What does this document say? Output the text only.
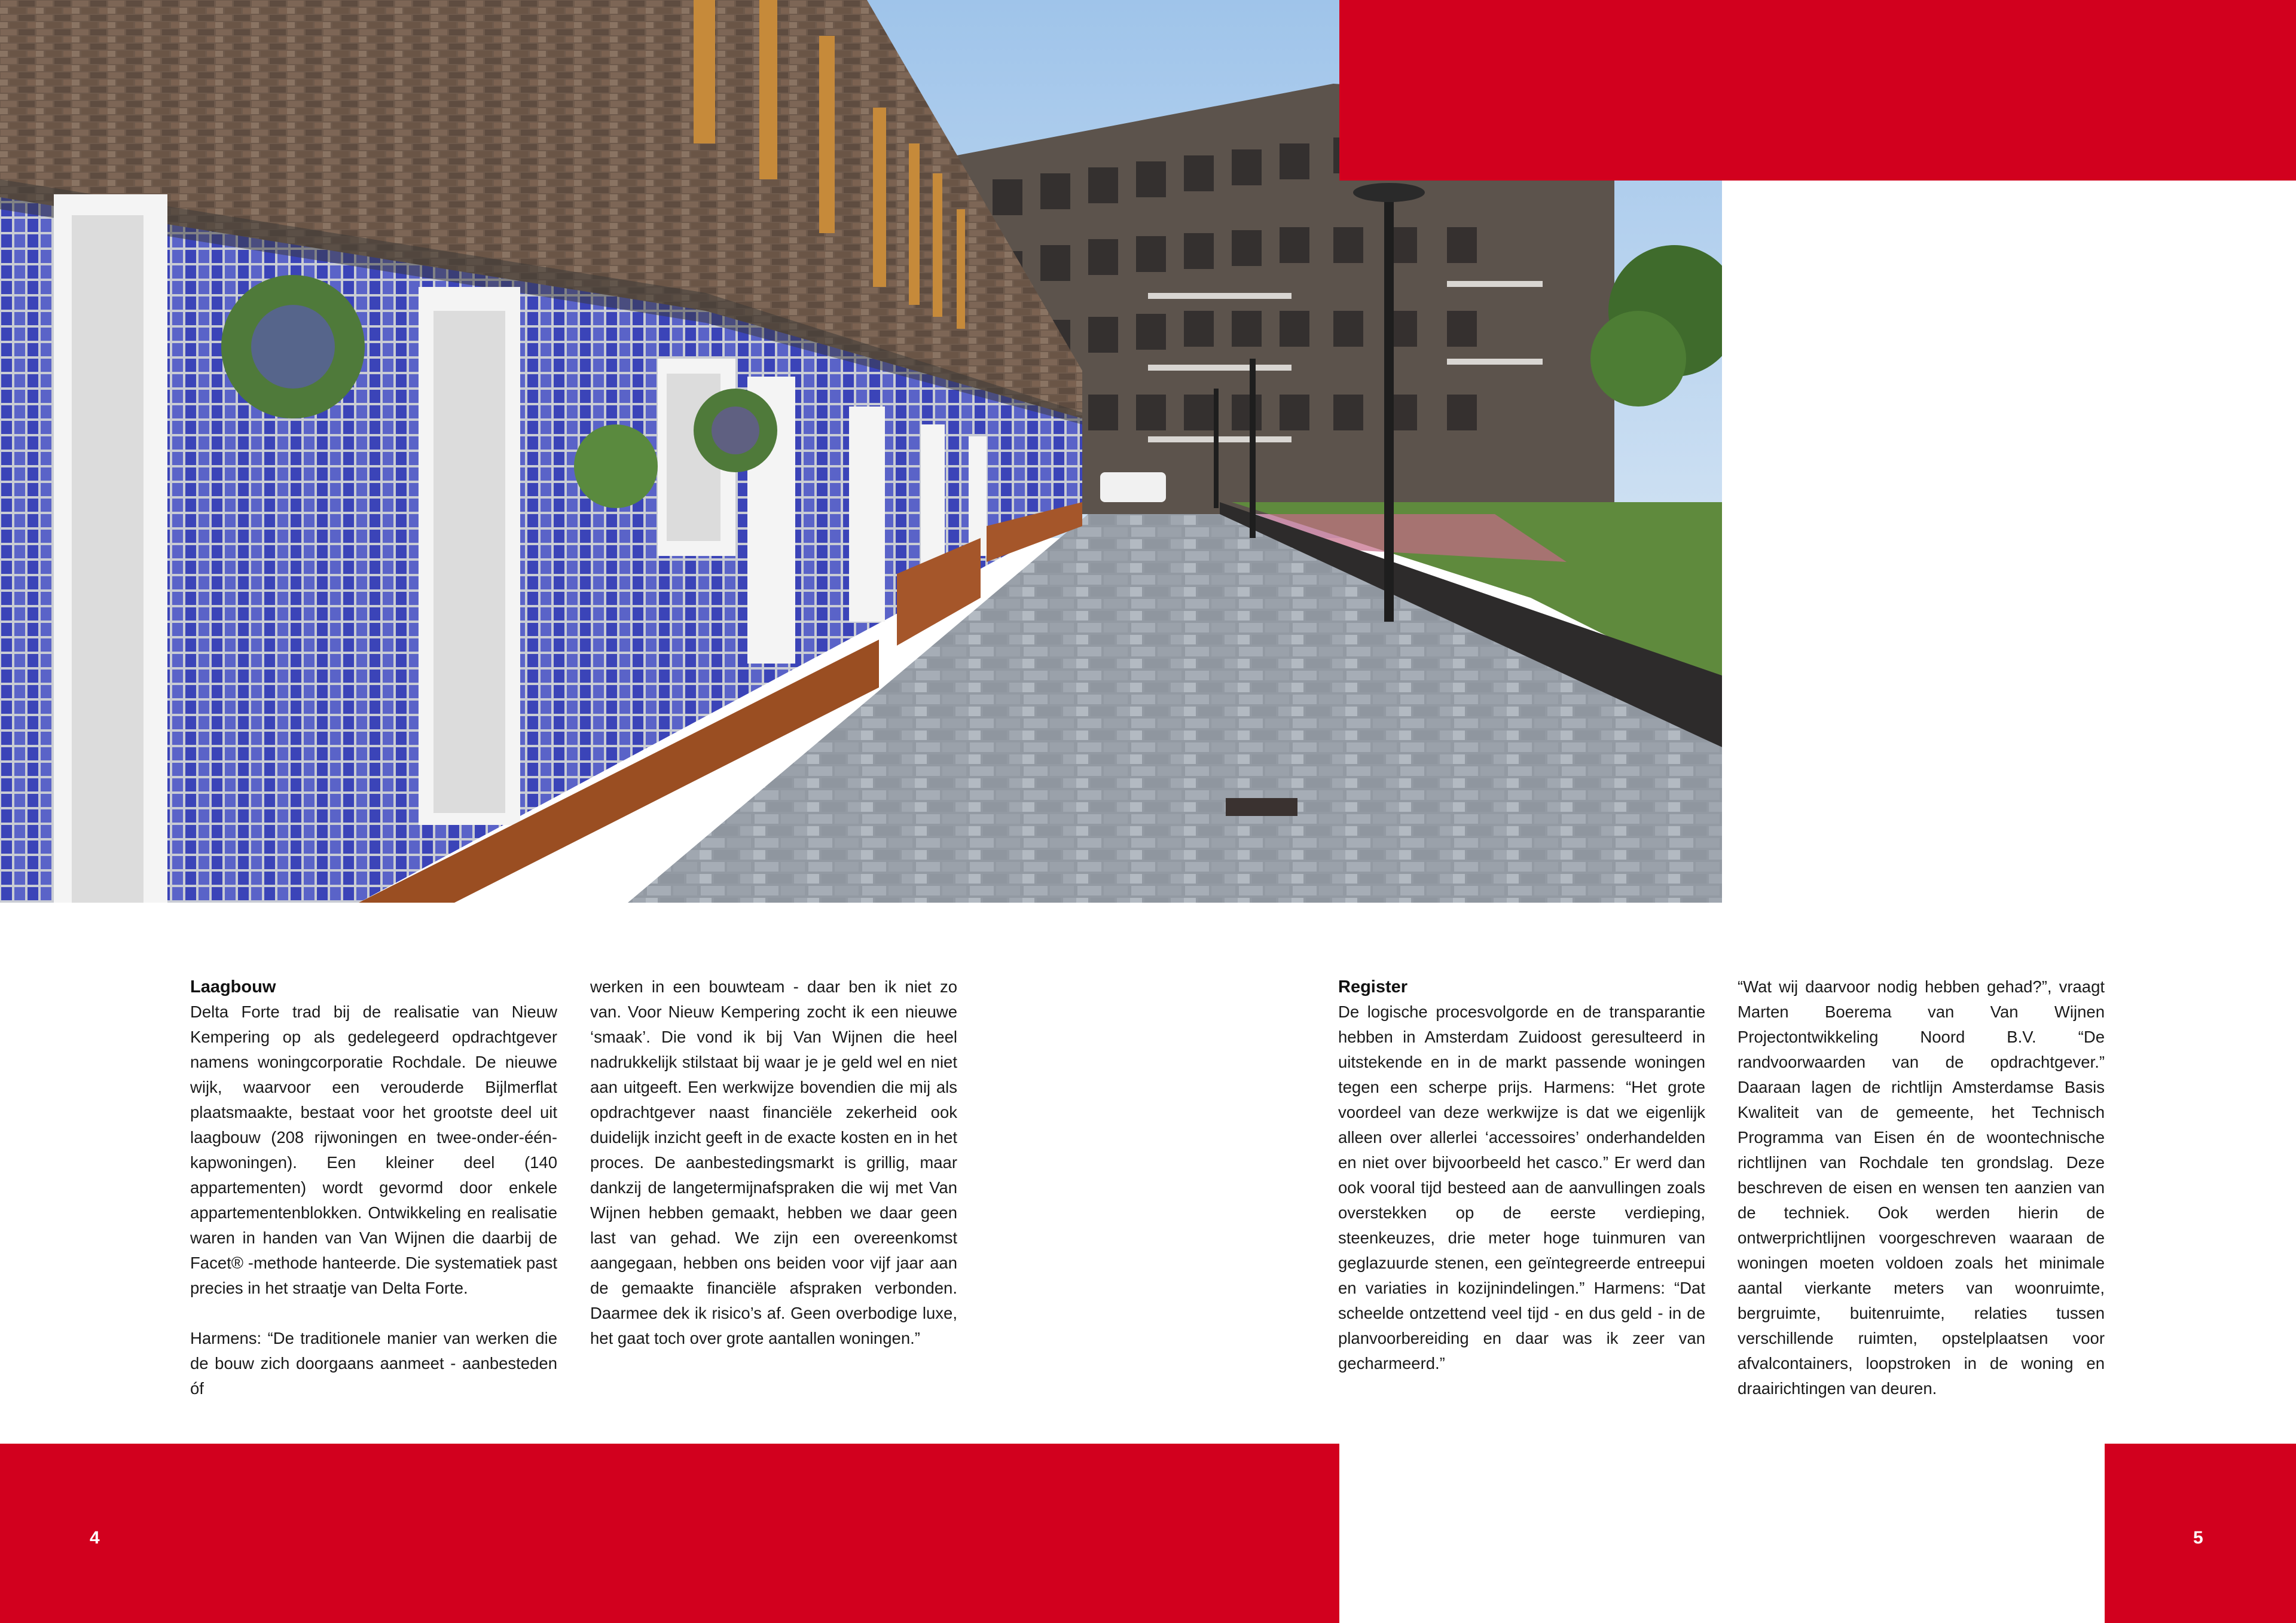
4	5
Laagbouw

Delta Forte trad bij de realisatie van Nieuw Kempering op als gedelegeerd opdrachtgever namens woningcorporatie Rochdale. De nieuwe wijk, waarvoor een verouderde Bijlmerflat plaatsmaakte, bestaat voor het grootste deel uit laagbouw (208 rijwoningen en twee-onder-één-kapwoningen). Een kleiner deel (140 appartementen) wordt gevormd door enkele appartementenblokken. Ontwikkeling en realisatie waren in handen van Van Wijnen die daarbij de Facet® -methode hanteerde. Die systematiek past precies in het straatje van Delta Forte.

Harmens: “De traditionele manier van werken die de bouw zich doorgaans aanmeet - aanbesteden óf

werken in een bouwteam - daar ben ik niet zo van. Voor Nieuw Kempering zocht ik een nieuwe ‘smaak’. Die vond ik bij Van Wijnen die heel nadrukkelijk stilstaat bij waar je je geld wel en niet aan uitgeeft. Een werkwijze bovendien die mij als opdrachtgever naast financiële zekerheid ook duidelijk inzicht geeft in de exacte kosten en in het proces. De aanbestedingsmarkt is grillig, maar dankzij de langetermijnafspraken die wij met Van Wijnen hebben gemaakt, hebben we daar geen last van gehad. We zijn een overeenkomst aangegaan, hebben ons beiden voor vijf jaar aan de gemaakte financiële afspraken verbonden. Daarmee dek ik risico’s af. Geen overbodige luxe, het gaat toch over grote aantallen woningen.”

Register

De logische procesvolgorde en de transparantie hebben in Amsterdam Zuidoost geresulteerd in uitstekende en in de markt passende woningen tegen een scherpe prijs. Harmens: “Het grote voordeel van deze werkwijze is dat we eigenlijk alleen over allerlei ‘accessoires’ onderhandelden en niet over bijvoorbeeld het casco.” Er werd dan ook vooral tijd besteed aan de aanvullingen zoals overstekken op de eerste verdieping, steenkeuzes, drie meter hoge tuinmuren van geglazuurde stenen, een geïntegreerde entreepui en variaties in kozijnindelingen.” Harmens: “Dat scheelde ontzettend veel tijd - en dus geld - in de planvoorbereiding en daar was ik zeer van gecharmeerd.”

“Wat wij daarvoor nodig hebben gehad?”, vraagt Marten Boerema van Van Wijnen Projectontwikkeling Noord B.V. “De randvoorwaarden van de opdrachtgever.” Daaraan lagen de richtlijn Amsterdamse Basis Kwaliteit van de gemeente, het Technisch Programma van Eisen én de woontechnische richtlijnen van Rochdale ten grondslag. Deze beschreven de eisen en wensen ten aanzien van de techniek. Ook werden hierin de ontwerprichtlijnen voorgeschreven waaraan de woningen moeten voldoen zoals het minimale aantal vierkante meters van woonruimte, bergruimte, buitenruimte, relaties tussen verschillende ruimten, opstelplaatsen voor afvalcontainers, loopstroken in de woning en draairichtingen van deuren.
